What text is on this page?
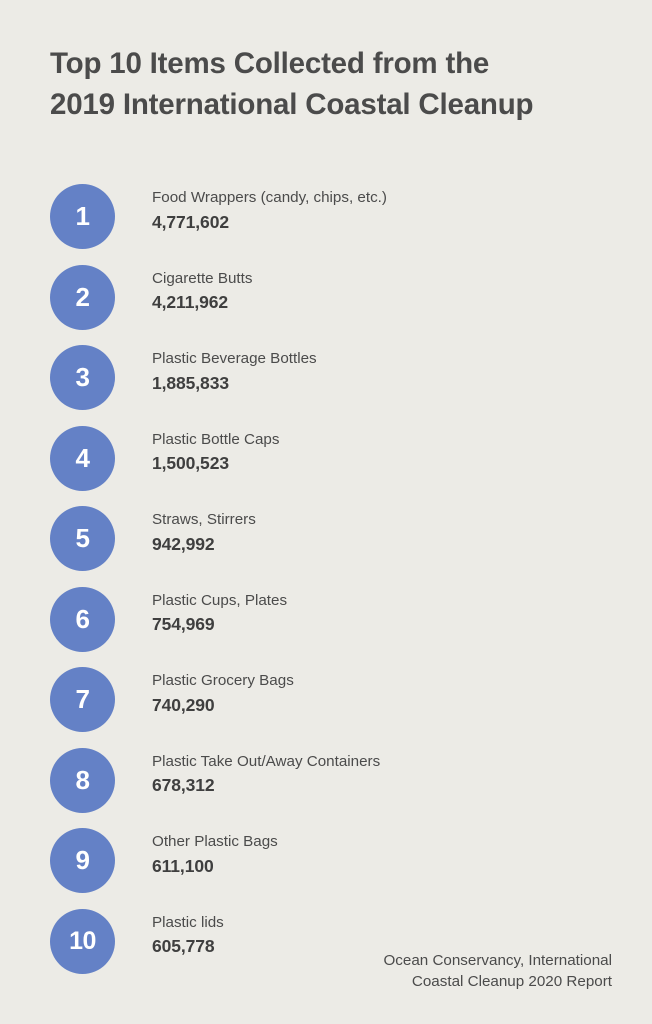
Top 10 Items Collected from the
2019 International Coastal Cleanup
1
Food Wrappers (candy, chips, etc.)
4,771,602
2
Cigarette Butts
4,211,962
3
Plastic Beverage Bottles
1,885,833
4
Plastic Bottle Caps
1,500,523
5
Straws, Stirrers
942,992
6
Plastic Cups, Plates
754,969
7
Plastic Grocery Bags
740,290
8
Plastic Take Out/Away Containers
678,312
9
Other Plastic Bags
611,100
10
Plastic lids
605,778
Ocean Conservancy, International
Coastal Cleanup 2020 Report
